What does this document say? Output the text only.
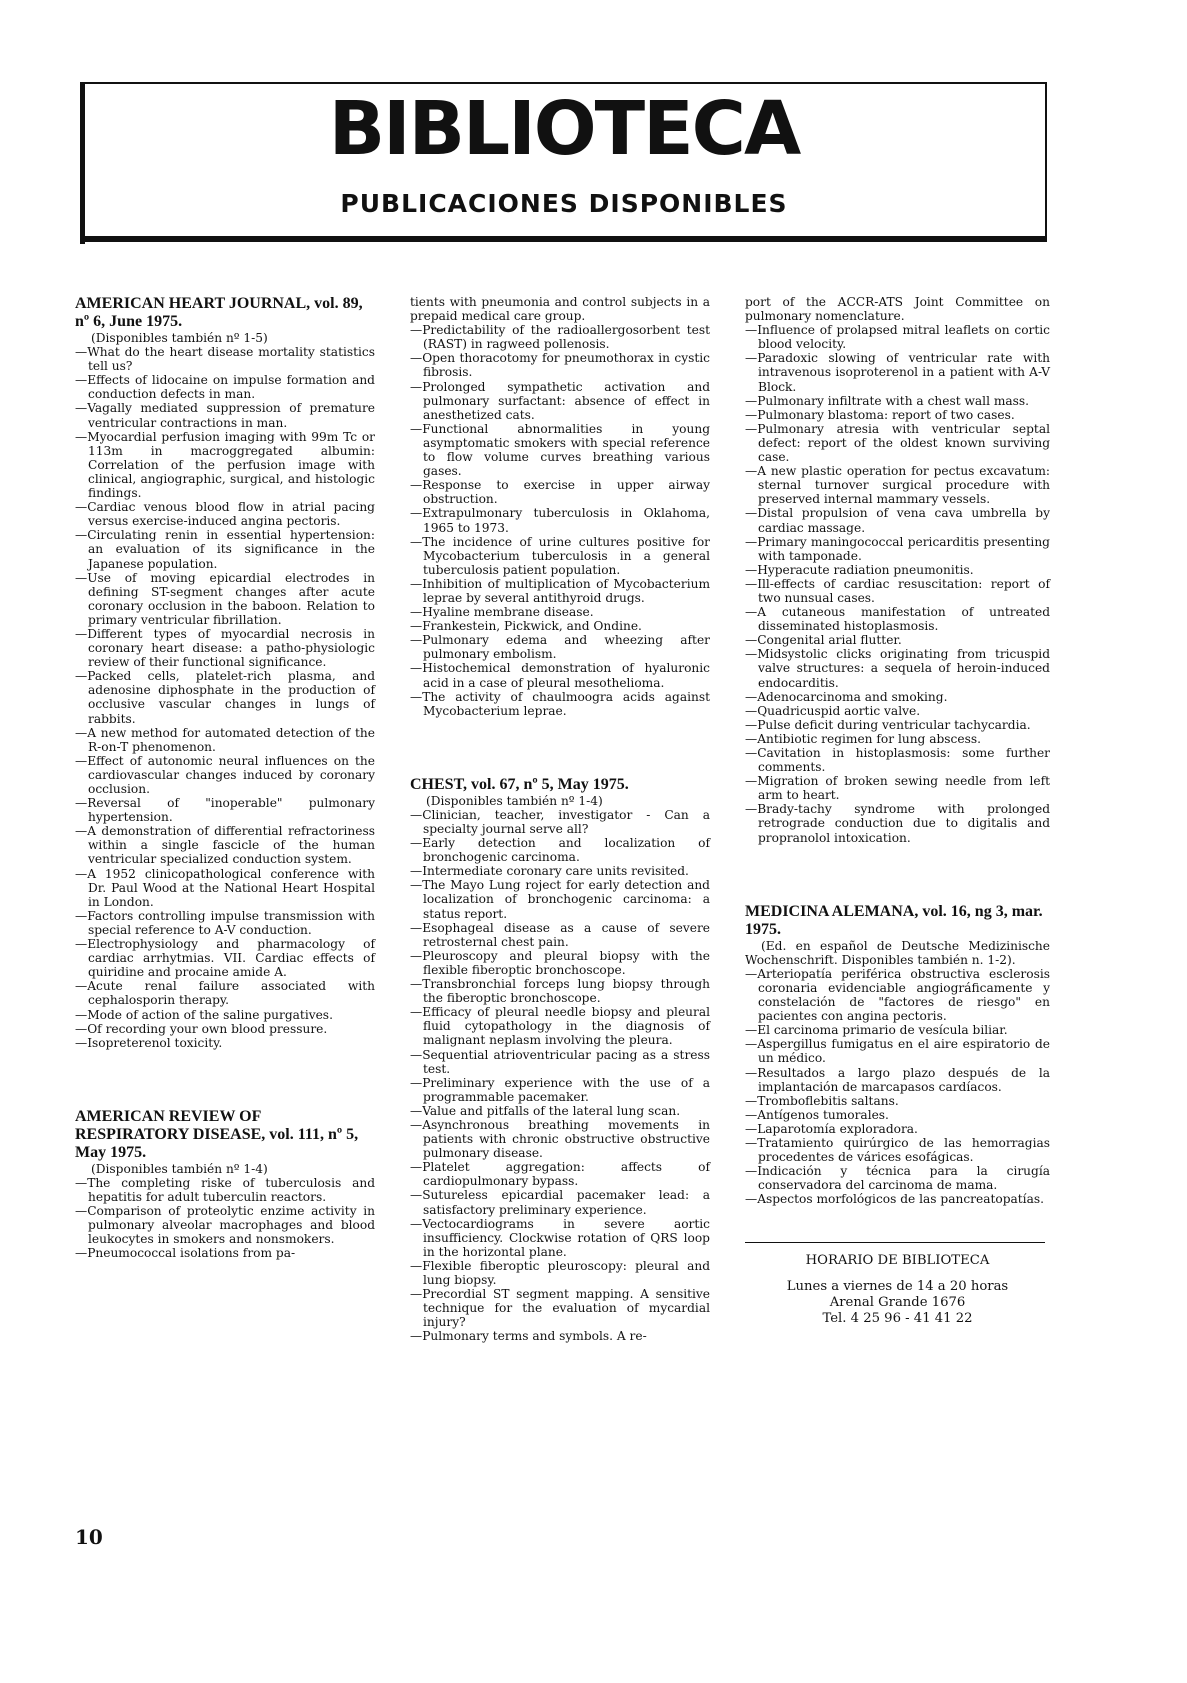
BIBLIOTECA
PUBLICACIONES DISPONIBLES

AMERICAN HEART JOURNAL, vol. 89, nº 6, June 1975.

(Disponibles también nº 1-5)

—What do the heart disease mortality statistics tell us?

—Effects of lidocaine on impulse formation and conduction defects in man.

—Vagally mediated suppression of premature ventricular contractions in man.

—Myocardial perfusion imaging with 99m Tc or 113m in macroggregated albumin: Correlation of the perfusion image with clinical, angiographic, surgical, and histologic findings.

—Cardiac venous blood flow in atrial pacing versus exercise-induced angina pectoris.

—Circulating renin in essential hypertension: an evaluation of its significance in the Japanese population.

—Use of moving epicardial electrodes in defining ST-segment changes after acute coronary occlusion in the baboon. Relation to primary ventricular fibrillation.

—Different types of myocardial necrosis in coronary heart disease: a patho-physiologic review of their functional significance.

—Packed cells, platelet-rich plasma, and adenosine diphosphate in the production of occlusive vascular changes in lungs of rabbits.

—A new method for automated detection of the R-on-T phenomenon.

—Effect of autonomic neural influences on the cardiovascular changes induced by coronary occlusion.

—Reversal of "inoperable" pulmonary hypertension.

—A demonstration of differential refractoriness within a single fascicle of the human ventricular specialized conduction system.

—A 1952 clinicopathological conference with Dr. Paul Wood at the National Heart Hospital in London.

—Factors controlling impulse transmission with special reference to A-V conduction.

—Electrophysiology and pharmacology of cardiac arrhytmias. VII. Cardiac effects of quiridine and procaine amide A.

—Acute renal failure associated with cephalosporin therapy.

—Mode of action of the saline purgatives.

—Of recording your own blood pressure.

—Isopreterenol toxicity.

AMERICAN REVIEW OF RESPIRATORY DISEASE, vol. 111, nº 5, May 1975.

(Disponibles también nº 1-4)

—The completing riske of tuberculosis and hepatitis for adult tuberculin reactors.

—Comparison of proteolytic enzime activity in pulmonary alveolar macrophages and blood leukocytes in smokers and nonsmokers.

—Pneumococcal isolations from pa-

tients with pneumonia and control subjects in a prepaid medical care group.

—Predictability of the radioallergosorbent test (RAST) in ragweed pollenosis.

—Open thoracotomy for pneumothorax in cystic fibrosis.

—Prolonged sympathetic activation and pulmonary surfactant: absence of effect in anesthetized cats.

—Functional abnormalities in young asymptomatic smokers with special reference to flow volume curves breathing various gases.

—Response to exercise in upper airway obstruction.

—Extrapulmonary tuberculosis in Oklahoma, 1965 to 1973.

—The incidence of urine cultures positive for Mycobacterium tuberculosis in a general tuberculosis patient population.

—Inhibition of multiplication of Mycobacterium leprae by several antithyroid drugs.

—Hyaline membrane disease.

—Frankestein, Pickwick, and Ondine.

—Pulmonary edema and wheezing after pulmonary embolism.

—Histochemical demonstration of hyaluronic acid in a case of pleural mesothelioma.

—The activity of chaulmoogra acids against Mycobacterium leprae.

CHEST, vol. 67, nº 5, May 1975.

(Disponibles también nº 1-4)

—Clinician, teacher, investigator - Can a specialty journal serve all?

—Early detection and localization of bronchogenic carcinoma.

—Intermediate coronary care units revisited.

—The Mayo Lung roject for early detection and localization of bronchogenic carcinoma: a status report.

—Esophageal disease as a cause of severe retrosternal chest pain.

—Pleuroscopy and pleural biopsy with the flexible fiberoptic bronchoscope.

—Transbronchial forceps lung biopsy through the fiberoptic bronchoscope.

—Efficacy of pleural needle biopsy and pleural fluid cytopathology in the diagnosis of malignant neplasm involving the pleura.

—Sequential atrioventricular pacing as a stress test.

—Preliminary experience with the use of a programmable pacemaker.

—Value and pitfalls of the lateral lung scan.

—Asynchronous breathing movements in patients with chronic obstructive obstructive pulmonary disease.

—Platelet aggregation: affects of cardiopulmonary bypass.

—Sutureless epicardial pacemaker lead: a satisfactory preliminary experience.

—Vectocardiograms in severe aortic insufficiency. Clockwise rotation of QRS loop in the horizontal plane.

—Flexible fiberoptic pleuroscopy: pleural and lung biopsy.

—Precordial ST segment mapping. A sensitive technique for the evaluation of mycardial injury?

—Pulmonary terms and symbols. A re-

port of the ACCR-ATS Joint Committee on pulmonary nomenclature.

—Influence of prolapsed mitral leaflets on cortic blood velocity.

—Paradoxic slowing of ventricular rate with intravenous isoproterenol in a patient with A-V Block.

—Pulmonary infiltrate with a chest wall mass.

—Pulmonary blastoma: report of two cases.

—Pulmonary atresia with ventricular septal defect: report of the oldest known surviving case.

—A new plastic operation for pectus excavatum: sternal turnover surgical procedure with preserved internal mammary vessels.

—Distal propulsion of vena cava umbrella by cardiac massage.

—Primary maningococcal pericarditis presenting with tamponade.

—Hyperacute radiation pneumonitis.

—Ill-effects of cardiac resuscitation: report of two nunsual cases.

—A cutaneous manifestation of untreated disseminated histoplasmosis.

—Congenital arial flutter.

—Midsystolic clicks originating from tricuspid valve structures: a sequela of heroin-induced endocarditis.

—Adenocarcinoma and smoking.

—Quadricuspid aortic valve.

—Pulse deficit during ventricular tachycardia.

—Antibiotic regimen for lung abscess.

—Cavitation in histoplasmosis: some further comments.

—Migration of broken sewing needle from left arm to heart.

—Brady-tachy syndrome with prolonged retrograde conduction due to digitalis and propranolol intoxication.

MEDICINA ALEMANA, vol. 16, ng 3, mar. 1975.

(Ed. en español de Deutsche Medizinische Wochenschrift. Disponibles también n. 1-2).

—Arteriopatía periférica obstructiva esclerosis coronaria evidenciable angiográficamente y constelación de "factores de riesgo" en pacientes con angina pectoris.

—El carcinoma primario de vesícula biliar.

—Aspergillus fumigatus en el aire espiratorio de un médico.

—Resultados a largo plazo después de la implantación de marcapasos cardíacos.

—Tromboflebitis saltans.

—Antígenos tumorales.

—Laparotomía exploradora.

—Tratamiento quirúrgico de las hemorragias procedentes de várices esofágicas.

—Indicación y técnica para la cirugía conservadora del carcinoma de mama.

—Aspectos morfológicos de las pancreatopatías.

HORARIO DE BIBLIOTECA

Lunes a viernes de 14 a 20 horas

Arenal Grande 1676

Tel. 4 25 96 - 41 41 22

10
